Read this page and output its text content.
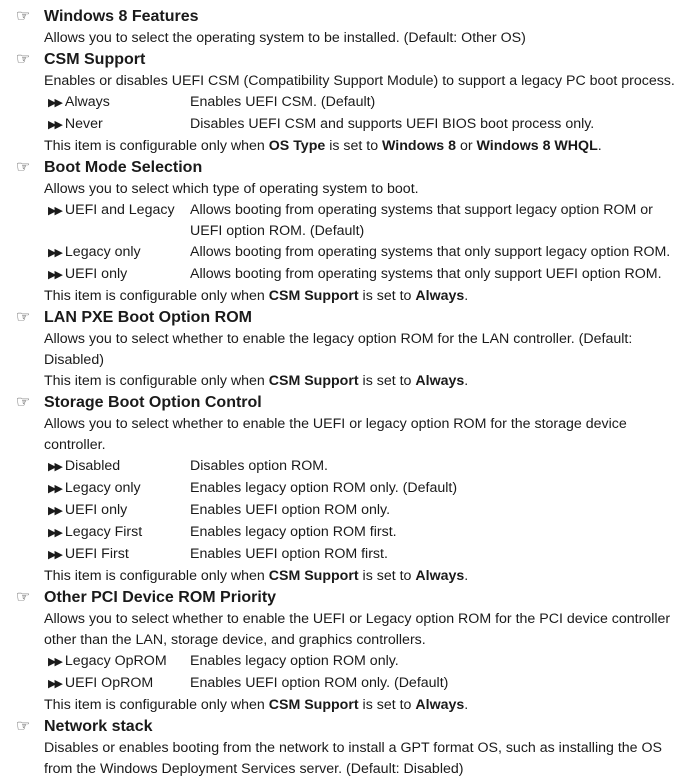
☞ Windows 8 Features
Allows you to select the operating system to be installed. (Default: Other OS)
☞ CSM Support
Enables or disables UEFI CSM (Compatibility Support Module) to support a legacy PC boot process.
▶▶ Always	Enables UEFI CSM. (Default)
▶▶ Never	Disables UEFI CSM and supports UEFI BIOS boot process only.
This item is configurable only when OS Type is set to Windows 8 or Windows 8 WHQL.
☞ Boot Mode Selection
Allows you to select which type of operating system to boot.
▶▶ UEFI and Legacy	Allows booting from operating systems that support legacy option ROM or UEFI option ROM. (Default)
▶▶ Legacy only	Allows booting from operating systems that only support legacy option ROM.
▶▶ UEFI only	Allows booting from operating systems that only support UEFI option ROM.
This item is configurable only when CSM Support is set to Always.
☞ LAN PXE Boot Option ROM
Allows you to select whether to enable the legacy option ROM for the LAN controller. (Default: Disabled)
This item is configurable only when CSM Support is set to Always.
☞ Storage Boot Option Control
Allows you to select whether to enable the UEFI or legacy option ROM for the storage device controller.
▶▶ Disabled	Disables option ROM.
▶▶ Legacy only	Enables legacy option ROM only. (Default)
▶▶ UEFI only	Enables UEFI option ROM only.
▶▶ Legacy First	Enables legacy option ROM first.
▶▶ UEFI First	Enables UEFI option ROM first.
This item is configurable only when CSM Support is set to Always.
☞ Other PCI Device ROM Priority
Allows you to select whether to enable the UEFI or Legacy option ROM for the PCI device controller other than the LAN, storage device, and graphics controllers.
▶▶ Legacy OpROM	Enables legacy option ROM only.
▶▶ UEFI OpROM	Enables UEFI option ROM only. (Default)
This item is configurable only when CSM Support is set to Always.
☞ Network stack
Disables or enables booting from the network to install a GPT format OS, such as installing the OS from the Windows Deployment Services server. (Default: Disabled)
